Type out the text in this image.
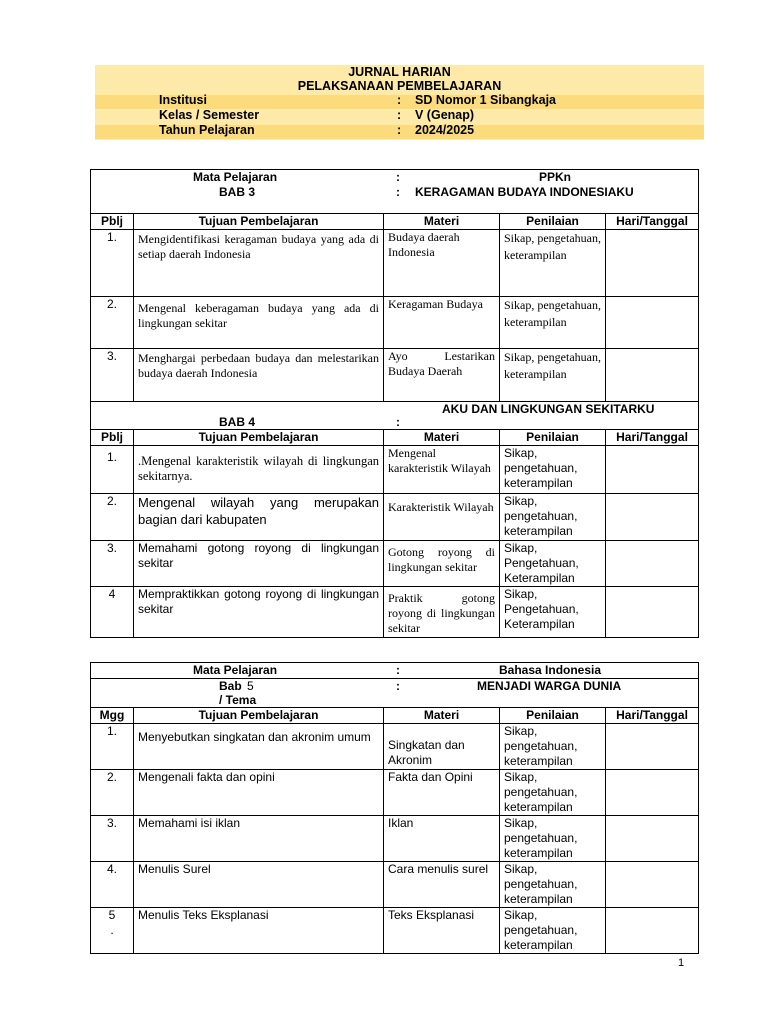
JURNAL HARIAN
PELAKSANAAN PEMBELAJARAN
Institusi	: SD Nomor 1 Sibangkaja
Kelas / Semester	: V (Genap)
Tahun Pelajaran	: 2024/2025
Mata Pelajaran : PPKn				

BAB 3 : KERAGAMAN BUDAYA INDONESIAKU				

Pblj	Tujuan Pembelajaran	Materi	Penilaian	Hari/Tanggal
1.	Mengidentifikasi keragaman budaya yang ada di setiap daerah Indonesia	Budaya daerah Indonesia	Sikap, pengetahuan, keterampilan	
2.	Mengenal keberagaman budaya yang ada di lingkungan sekitar	Keragaman Budaya	Sikap, pengetahuan, keterampilan	
3.	Menghargai perbedaan budaya dan melestarikan budaya daerah Indonesia	Ayo Lestarikan Budaya Daerah	Sikap, pengetahuan, keterampilan	

AKU DAN LINGKUNGAN SEKITARKU
BAB 4 :				

Pblj	Tujuan Pembelajaran	Materi	Penilaian	Hari/Tanggal
1.	.Mengenal karakteristik wilayah di lingkungan sekitarnya.	Mengenal karakteristik Wilayah	Sikap, pengetahuan, keterampilan	
2.	Mengenal wilayah yang merupakan bagian dari kabupaten	Karakteristik Wilayah	Sikap, pengetahuan, keterampilan	
3.	Memahami gotong royong di lingkungan sekitar	Gotong royong di lingkungan sekitar	Sikap, Pengetahuan, Keterampilan	
4	Mempraktikkan gotong royong di lingkungan sekitar	Praktik gotong royong di lingkungan sekitar	Sikap, Pengetahuan, Keterampilan	
Mata Pelajaran : Bahasa Indonesia				

Bab 5 : MENJADI WARGA DUNIA
/ Tema				

Mgg	Tujuan Pembelajaran	Materi	Penilaian	Hari/Tanggal
1.	Menyebutkan singkatan dan akronim umum	Singkatan dan Akronim	Sikap, pengetahuan, keterampilan	
2.	Mengenali fakta dan opini	Fakta dan Opini	Sikap, pengetahuan, keterampilan	
3.	Memahami isi iklan	Iklan	Sikap, pengetahuan, keterampilan	
4.	Menulis Surel	Cara menulis surel	Sikap, pengetahuan, keterampilan	
5 .	Menulis Teks Eksplanasi	Teks Eksplanasi	Sikap, pengetahuan, keterampilan	
1
